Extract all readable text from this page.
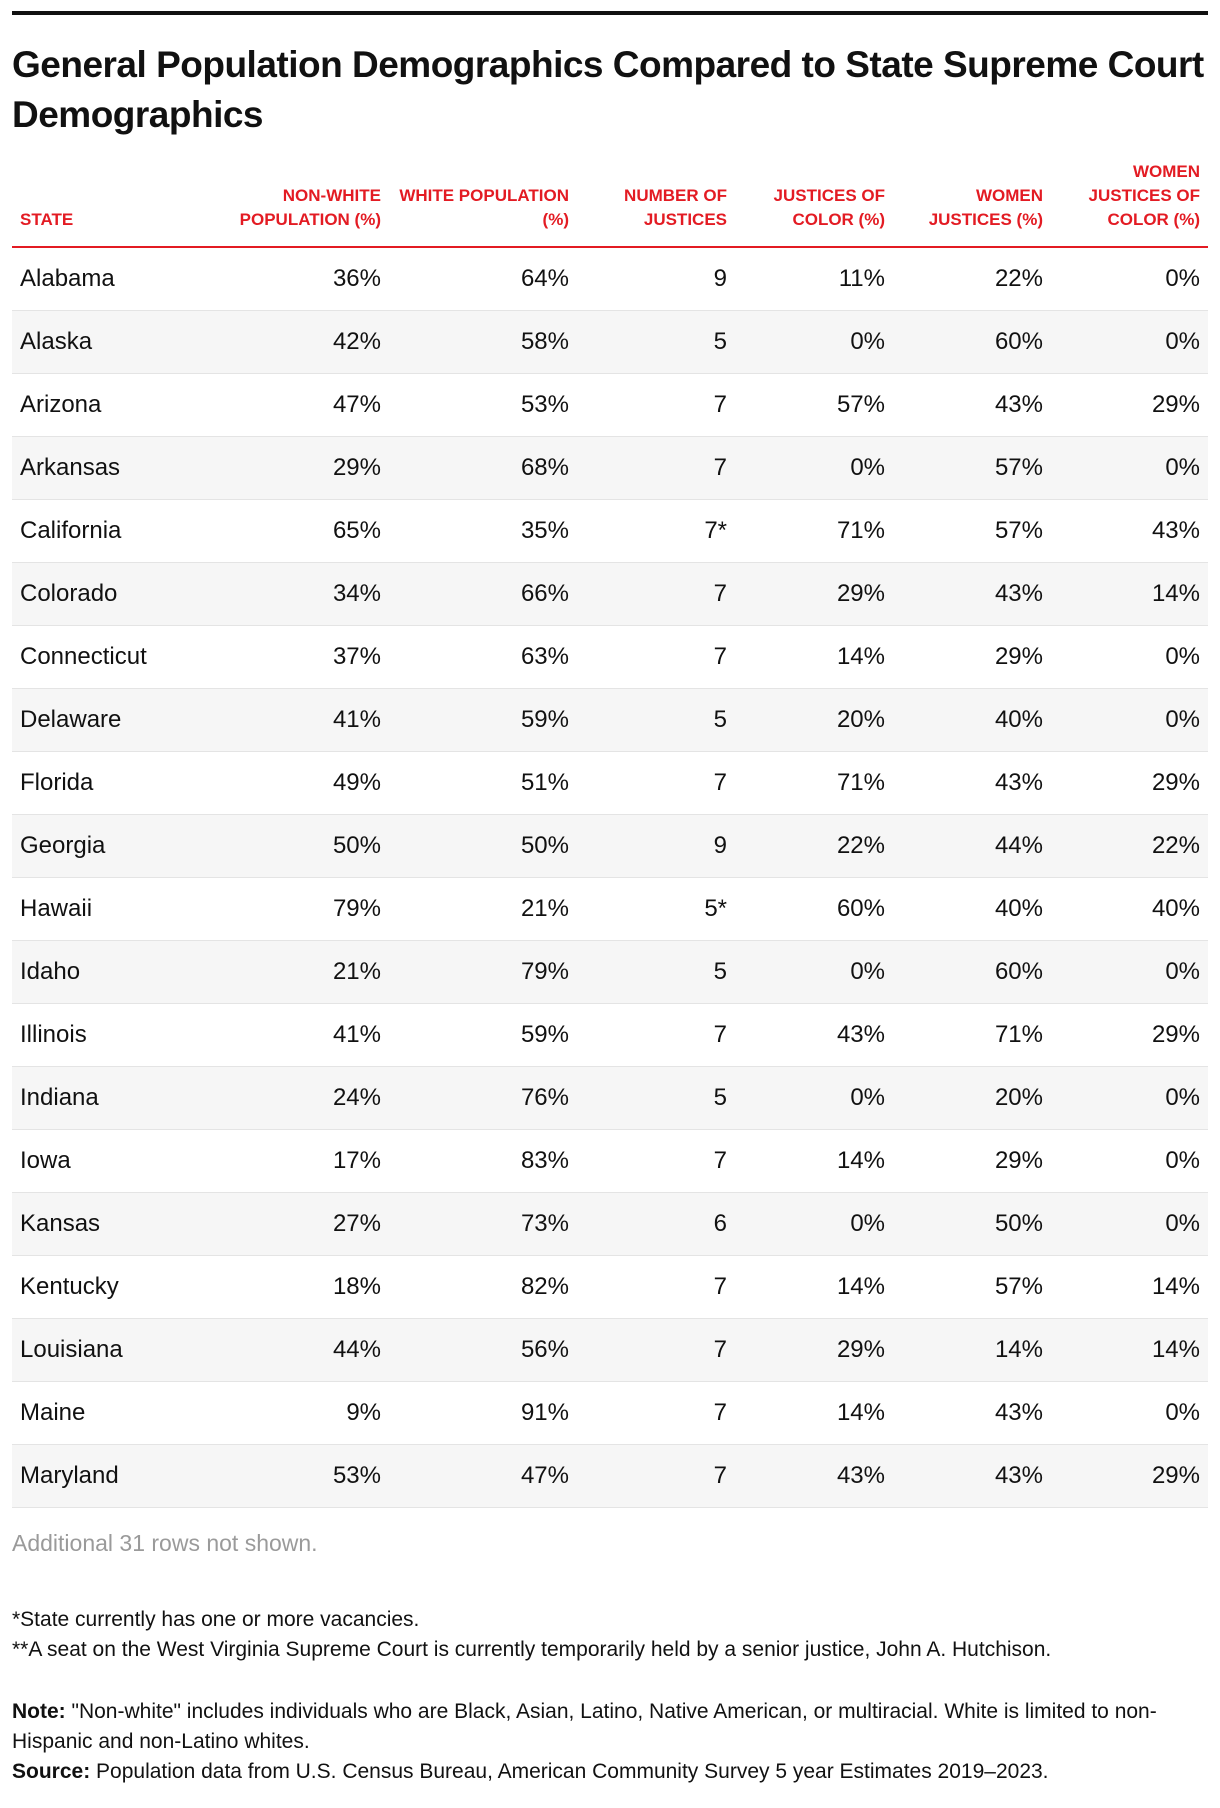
General Population Demographics Compared to State Supreme Court Demographics
STATE	NON-WHITE POPULATION (%)	WHITE POPULATION (%)	NUMBER OF JUSTICES	JUSTICES OF COLOR (%)	WOMEN JUSTICES (%)	WOMEN JUSTICES OF COLOR (%)
Alabama	36%	64%	9	11%	22%	0%
Alaska	42%	58%	5	0%	60%	0%
Arizona	47%	53%	7	57%	43%	29%
Arkansas	29%	68%	7	0%	57%	0%
California	65%	35%	7*	71%	57%	43%
Colorado	34%	66%	7	29%	43%	14%
Connecticut	37%	63%	7	14%	29%	0%
Delaware	41%	59%	5	20%	40%	0%
Florida	49%	51%	7	71%	43%	29%
Georgia	50%	50%	9	22%	44%	22%
Hawaii	79%	21%	5*	60%	40%	40%
Idaho	21%	79%	5	0%	60%	0%
Illinois	41%	59%	7	43%	71%	29%
Indiana	24%	76%	5	0%	20%	0%
Iowa	17%	83%	7	14%	29%	0%
Kansas	27%	73%	6	0%	50%	0%
Kentucky	18%	82%	7	14%	57%	14%
Louisiana	44%	56%	7	29%	14%	14%
Maine	9%	91%	7	14%	43%	0%
Maryland	53%	47%	7	43%	43%	29%
Additional 31 rows not shown.
*State currently has one or more vacancies.
**A seat on the West Virginia Supreme Court is currently temporarily held by a senior justice, John A. Hutchison.
Note: "Non-white" includes individuals who are Black, Asian, Latino, Native American, or multiracial. White is limited to non-Hispanic and non-Latino whites.
Source: Population data from U.S. Census Bureau, American Community Survey 5 year Estimates 2019–2023.
